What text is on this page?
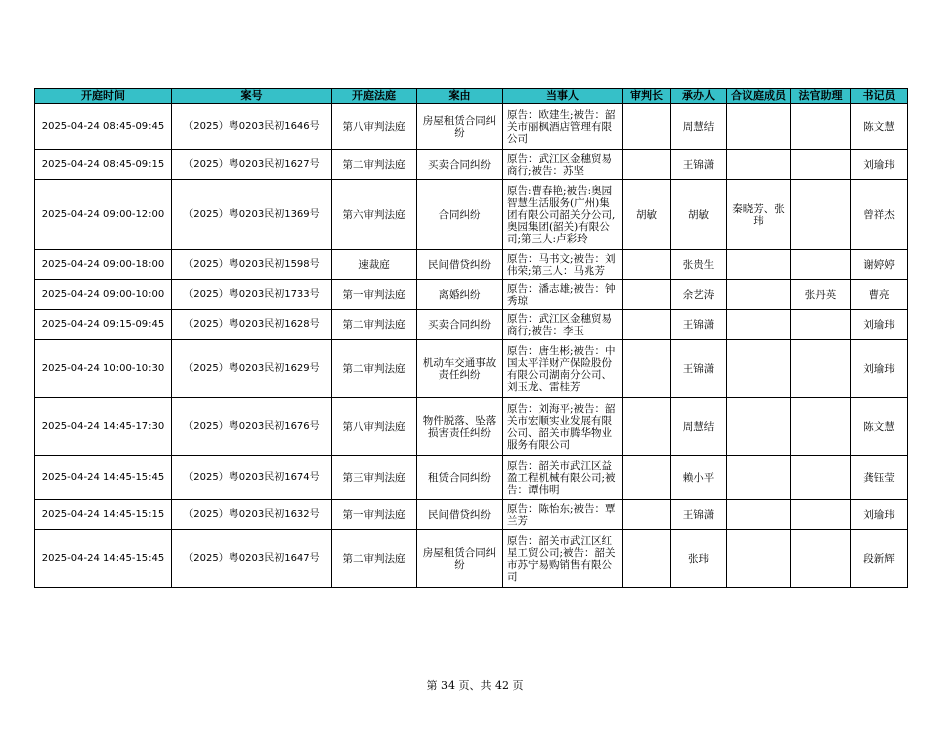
开庭时间	案号	开庭法庭	案由	当事人	审判长	承办人	合议庭成员	法官助理	书记员
2025-04-24 08:45-09:45	（2025）粤0203民初1646号	第八审判法庭	房屋租赁合同纠纷	原告：欧建生;被告：韶关市丽枫酒店管理有限公司		周慧结			陈文慧
2025-04-24 08:45-09:15	（2025）粤0203民初1627号	第二审判法庭	买卖合同纠纷	原告：武江区金穗贸易商行;被告：苏坚		王锦潇			刘瑜玮
2025-04-24 09:00-12:00	（2025）粤0203民初1369号	第六审判法庭	合同纠纷	原告:曹春艳;被告:奥园智慧生活服务(广州)集团有限公司韶关分公司,奥园集团(韶关)有限公司;第三人:卢彩玲	胡敏	胡敏	秦晓芳、张玮		曾祥杰
2025-04-24 09:00-18:00	（2025）粤0203民初1598号	速裁庭	民间借贷纠纷	原告：马书文;被告：刘伟荣;第三人：马兆芳		张贵生			谢婷婷
2025-04-24 09:00-10:00	（2025）粤0203民初1733号	第一审判法庭	离婚纠纷	原告：潘志雄;被告：钟秀琼		余艺涛		张丹英	曹亮
2025-04-24 09:15-09:45	（2025）粤0203民初1628号	第二审判法庭	买卖合同纠纷	原告：武江区金穗贸易商行;被告：李玉		王锦潇			刘瑜玮
2025-04-24 10:00-10:30	（2025）粤0203民初1629号	第二审判法庭	机动车交通事故责任纠纷	原告：唐生彬;被告：中国太平洋财产保险股份有限公司湖南分公司、刘玉龙、雷桂芳		王锦潇			刘瑜玮
2025-04-24 14:45-17:30	（2025）粤0203民初1676号	第八审判法庭	物件脱落、坠落损害责任纠纷	原告：刘海平;被告：韶关市宏顺实业发展有限公司、韶关市腾华物业服务有限公司		周慧结			陈文慧
2025-04-24 14:45-15:45	（2025）粤0203民初1674号	第三审判法庭	租赁合同纠纷	原告：韶关市武江区益盈工程机械有限公司;被告：谭伟明		赖小平			龚钰莹
2025-04-24 14:45-15:15	（2025）粤0203民初1632号	第一审判法庭	民间借贷纠纷	原告：陈怡东;被告：覃兰芳		王锦潇			刘瑜玮
2025-04-24 14:45-15:45	（2025）粤0203民初1647号	第二审判法庭	房屋租赁合同纠纷	原告：韶关市武江区红星工贸公司;被告：韶关市苏宁易购销售有限公司		张玮			段新辉
第 34 页、共 42 页
